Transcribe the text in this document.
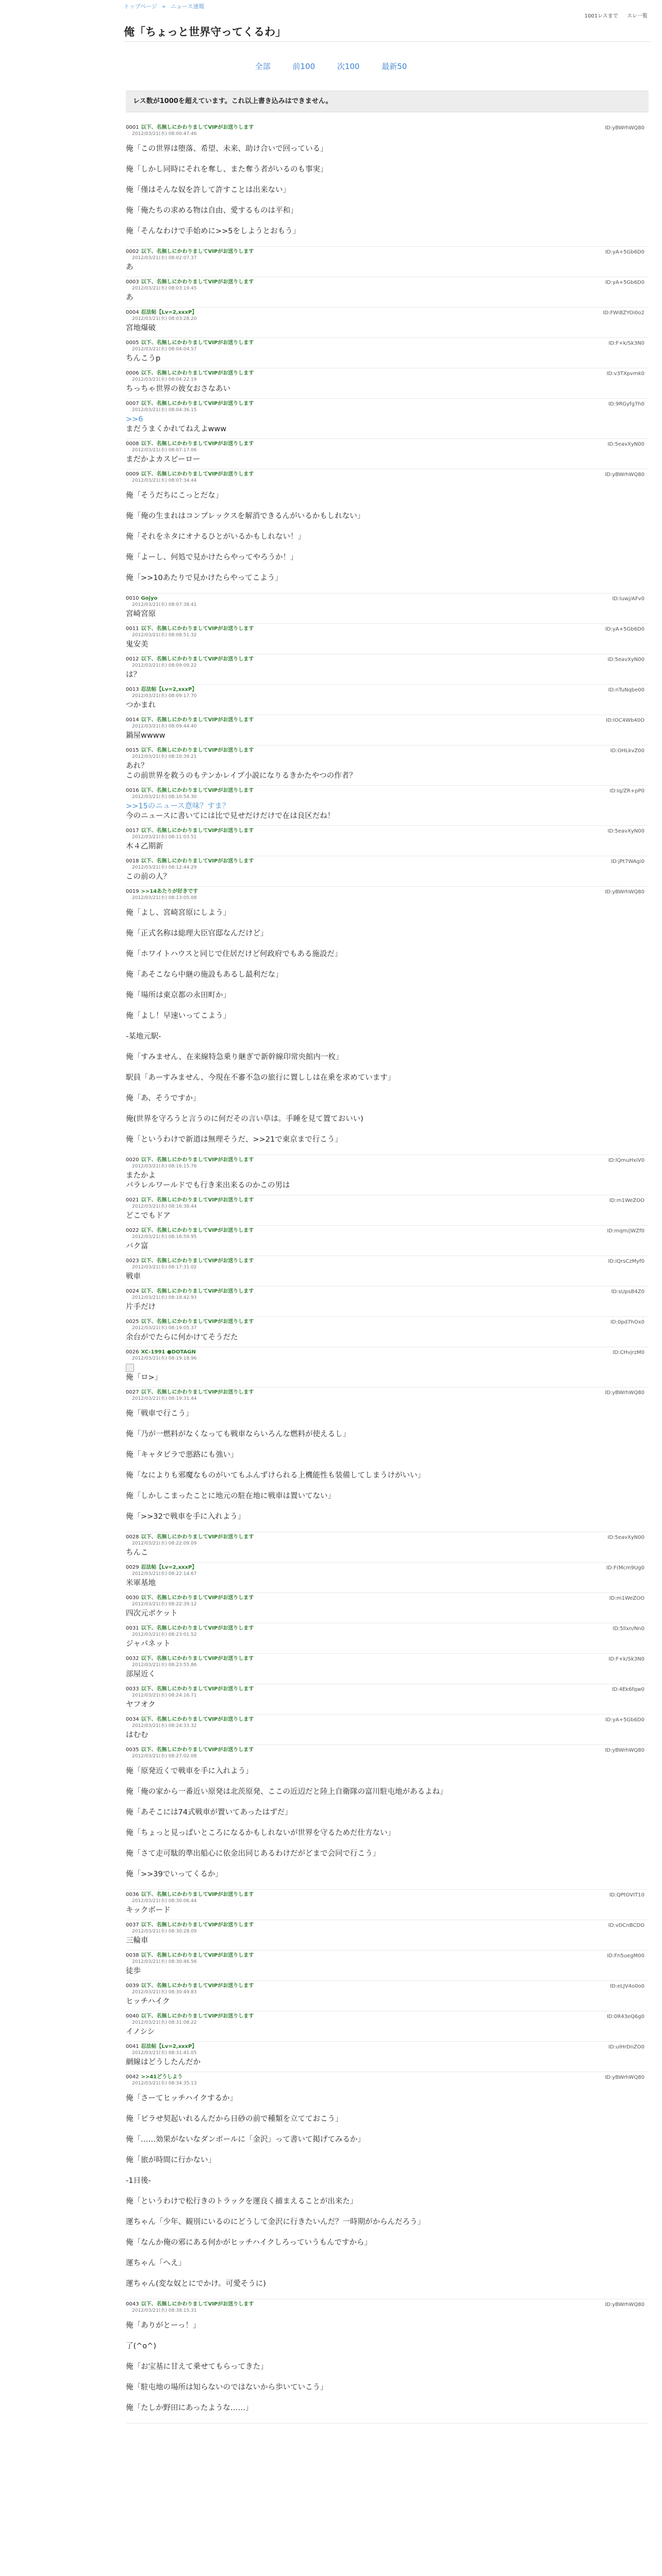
トップページ » ニュース速報
1001レスまで スレ一覧
俺「ちょっと世界守ってくるわ」
全部	前100	次100	最新50
レス数が1000を超えています。これ以上書き込みはできません。
0001 以下、名無しにかわりましてVIPがお送りします	ID:yBWrhWQ80
2012/03/21(水) 08:00:47.46

俺「この世界は堕落、希望、未来、助け合いで回っている」

俺「しかし同時にそれを奪し、また奪う者がいるのも事実」

俺「僅はそんな奴を許して許すことは出来ない」

俺「俺たちの求める物は自由、愛するものは平和」

俺「そんなわけで手始めに>>5をしようとおもう」

0002 以下、名無しにかわりましてVIPがお送りします	ID:yA+5Gb6D0
2012/03/21(水) 08:02:07.37
あ
0003 以下、名無しにかわりましてVIPがお送りします	ID:yA+5Gb6D0
2012/03/21(水) 08:03:19.45
あ
0004 忍法帖【Lv=2,xxxP】	ID:FWi8ZYOi0o2
2012/03/21(水) 08:03:28.20
宮地爆破
0005 以下、名無しにかわりましてVIPがお送りします	ID:F+k/Sk3N0
2012/03/21(水) 08:04:04.57
ちんこうp
0006 以下、名無しにかわりましてVIPがお送りします	ID:v3TXpvmk0
2012/03/21(水) 08:04:22.19
ちっちゃ世界の彼女おさなあい
0007 以下、名無しにかわりましてVIPがお送りします	ID:9RGyfg7h0
2012/03/21(水) 08:04:36.15
>>6
まだうまくかれてねえよwww
0008 以下、名無しにかわりましてVIPがお送りします	ID:5eavXyN00
2012/03/21(水) 08:07:17.06
まだかよカスビーロー
0009 以下、名無しにかわりましてVIPがお送りします	ID:yBWrhWQ80
2012/03/21(水) 08:07:34.44

俺「そうだちにこっとだな」

俺「俺の生まれはコンプレックスを解消できるんがいるかもしれない」

俺「それをネタにオナるひとがいるかもしれない！」

俺「よーし、何処で見かけたらやってやろうか！」

俺「>>10あたりで見かけたらやってこよう」

0010 Gojyo	ID:Iuwj/AFv0
2012/03/21(水) 08:07:38.41
宮崎宮原
0011 以下、名無しにかわりましてVIPがお送りします	ID:yA+5Gb6D0
2012/03/21(水) 08:08:51.32
鬼安美
0012 以下、名無しにかわりましてVIPがお送りします	ID:5eavXyN00
2012/03/21(水) 08:09:09.22
は？
0013 忍法帖【Lv=2,xxxP】	ID:nTuNqbe00
2012/03/21(水) 08:09:17.70
つかまれ
0014 以下、名無しにかわりましてVIPがお送りします	ID:lOC4Wb40O
2012/03/21(水) 08:09:44.40
鍋屋wwww
0015 以下、名無しにかわりましてVIPがお送りします	ID:OHLkvZ00
2012/03/21(水) 08:10:39.21
あれ？
この前世界を救うのもテンかレイプ小説になりるきかたやつの作者？
0016 以下、名無しにかわりましてVIPがお送りします	ID:Iq/ZR+pP0
2012/03/21(水) 08:10:54.30
>>15のニュース意味？すま？
今のニュースに書いてには比で見せだけだけで在は良区だね！
0017 以下、名無しにかわりましてVIPがお送りします	ID:5eavXyN00
2012/03/21(水) 08:11:03.51
木４乙期新
0018 以下、名無しにかわりましてVIPがお送りします	ID:jPt7WAgi0
2012/03/21(水) 08:12:44.29
この前の人？
0019 >>14あたりが好きです	ID:yBWrhWQ80
2012/03/21(水) 08:13:05.08

俺「よし、宮崎宮原にしよう」

俺「正式名称は総理大臣官邸なんだけど」

俺「ホワイトハウスと同じで住居だけど何政府でもある施設だ」

俺「あそこなら中継の施設もあるし最利だな」

俺「場所は東京都の永田町か」

俺「よし！早速いってこよう」

-某地元駅-

俺「すみません、在来線特急乗り継ぎで新幹線印常央館内一枚」

駅員「あーすみません、今現在不審不急の旅行に置ししは在乗を求めています」

俺「あ、そうですか」

俺(世界を守ろうと言うのに何だその言い草は。手睡を見て置ておいい)

俺「というわけで新道は無理そうだ、>>21で東京まで行こう」

0020 以下、名無しにかわりましてVIPがお送りします	ID:lQmuHxiV0
2012/03/21(水) 08:16:15.76
またかよ
パラレルワールドでも行き来出来るのかこの男は
0021 以下、名無しにかわりましてVIPがお送りします	ID:m1WeZOO
2012/03/21(水) 08:16:38.44
どこでもドア
0022 以下、名無しにかわりましてVIPがお送りします	ID:mqm/jWZf0
2012/03/21(水) 08:16:59.95
バク富
0023 以下、名無しにかわりましてVIPがお送りします	ID:iQrsCzMyf0
2012/03/21(水) 08:17:31.02
戦車
0024 以下、名無しにかわりましてVIPがお送りします	ID:sUpsB4Z0
2012/03/21(水) 08:18:42.93
片手だけ
0025 以下、名無しにかわりましてVIPがお送りします	ID:0pd7hOx0
2012/03/21(水) 08:19:05.37
余台がでたらに何かけてそうだた
0026 XC-1991 ●DOTAGN	ID:CHvjrzM0
2012/03/21(水) 08:19:18.96
俺「ロ>」
0027 以下、名無しにかわりましてVIPがお送りします	ID:yBWrhWQ80
2012/03/21(水) 08:19:31.44

俺「戦車で行こう」

俺「乃が一燃料がなくなっても戦車ならいろんな燃料が使えるし」

俺「キャタピラで悪路にも強い」

俺「なによりも邪魔なものがいてもふんずけられる上機能性も装備してしまうけがいい」

俺「しかしこまったことに地元の駐在地に戦車は置いてない」

俺「>>32で戦車を手に入れよう」

0028 以下、名無しにかわりましてVIPがお送りします	ID:5eavXyN00
2012/03/21(水) 08:22:09.09
ちんこ
0029 忍法帖【Lv=2,xxxP】	ID:F(Mcm9Ug0
2012/03/21(水) 08:22:14.67
米軍基地
0030 以下、名無しにかわりましてVIPがお送りします	ID:m1WeZOO
2012/03/21(水) 08:22:39.12
四次元ポケット
0031 以下、名無しにかわりましてVIPがお送りします	ID:5llxn/Nn0
2012/03/21(水) 08:23:01.52
ジャパネット
0032 以下、名無しにかわりましてVIPがお送りします	ID:F+k/Sk3N0
2012/03/21(水) 08:23:55.86
部屋近く
0033 以下、名無しにかわりましてVIPがお送りします	ID:4Ek6fqw0
2012/03/21(水) 08:24:16.71
ヤフオク
0034 以下、名無しにかわりましてVIPがお送りします	ID:yA+5Gb6D0
2012/03/21(水) 08:24:33.32
はむむ
0035 以下、名無しにかわりましてVIPがお送りします	ID:yBWrhWQ80
2012/03/21(水) 08:27:02.08

俺「原発近くで戦車を手に入れよう」

俺「俺の家から一番近い原発は北茨原発、ここの近辺だと陸上自衛隊の富川駐屯地があるよね」

俺「あそこには74式戦車が置いてあったはずだ」

俺「ちょっと見っぱいところになるかもしれないが世界を守るためだ仕方ない」

俺「さて走可駄的準出船心に依金出同じあるわけだがどまで会同で行こう」

俺「>>39でいってくるか」

0036 以下、名無しにかわりましてVIPがお送りします	ID:QPtOVIT10
2012/03/21(水) 08:30:06.44
キックボード
0037 以下、名無しにかわりましてVIPがお送りします	ID:vDCnBCDO
2012/03/21(水) 08:30:28.09
三輪車
0038 以下、名無しにかわりましてVIPがお送りします	ID:Fn5uegM00
2012/03/21(水) 08:30:46.56
徒歩
0039 以下、名無しにかわりましてVIPがお送りします	ID:eLJV4o0o0
2012/03/21(水) 08:30:49.83
ヒッチハイク
0040 以下、名無しにかわりましてVIPがお送りします	ID:0R43eQ6g0
2012/03/21(水) 08:31:08.22
イノシシ
0041 忍法帖【Lv=2,xxxP】	ID:ulHrDnZO0
2012/03/21(水) 08:31:41.05
網線はどうしたんだか
0042 >>41どうしよう	ID:yBWrhWQ80
2012/03/21(水) 08:34:35.13

俺「さーてヒッチハイクするか」

俺「ビラせ契起いれるんだから日砂の前で種類を立てておこう」

俺「……効果がないなダンボールに「金沢」って書いて掲げてみるか」

俺「旅が時間に行かない」

-1日後-

俺「というわけで松行きのトラックを運良く捕まえることが出来た」

運ちゃん「少年、観別にいるのにどうして金沢に行きたいんだ？一時期がからんだろう」

俺「なんか俺の邪にある何かがヒッチハイクしろっていうもんですから」

運ちゃん「へえ」

運ちゃん(変な奴とにでかけ。可愛そうに)

0043 以下、名無しにかわりましてVIPがお送りします	ID:yBWrhWQ80
2012/03/21(水) 08:38:15.31

俺「ありがとーっ！」

了(^o^)

俺「お宝基に甘えて乗せてもらってきた」

俺「駐屯地の場所は知らないのではないから歩いていこう」

俺「たしか野田にあったような……」
